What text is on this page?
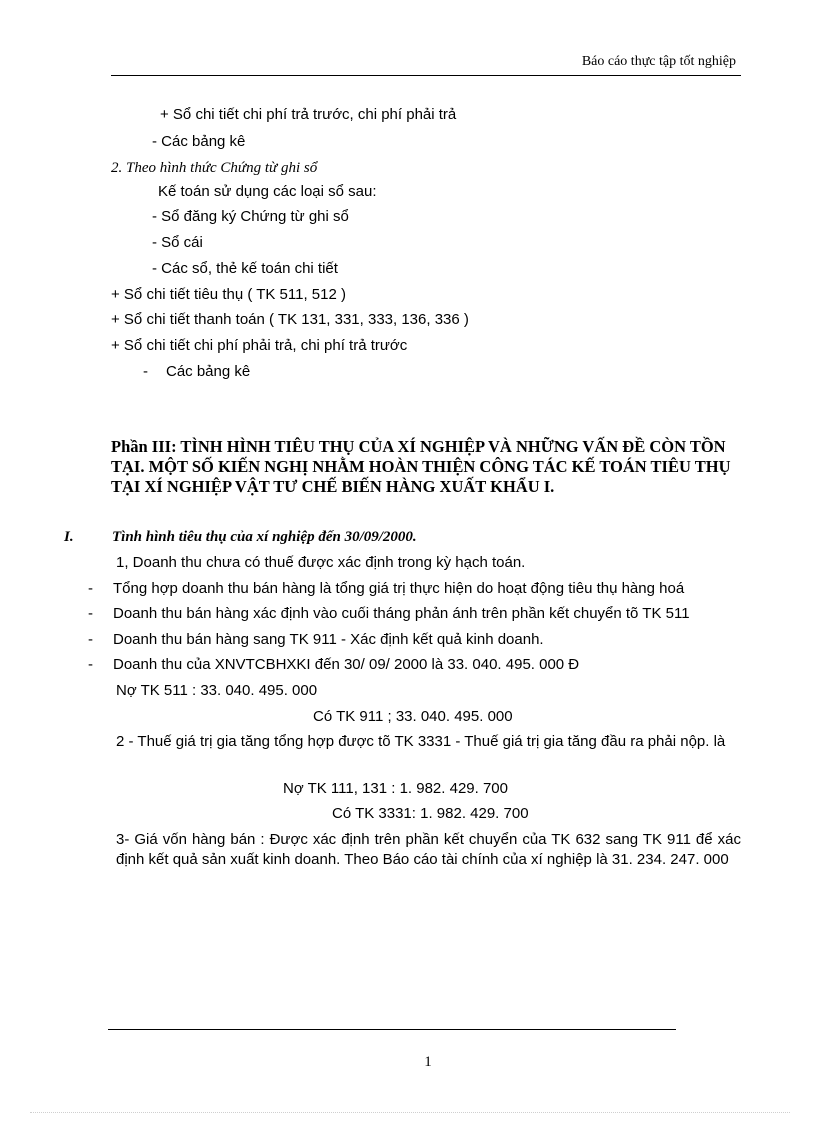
Báo cáo thực tập tốt nghiệp
+ Sổ chi tiết chi phí trả trước, chi phí phải trả
- Các bảng kê
2. Theo hình thức Chứng từ ghi sổ
Kế toán sử dụng các loại sổ sau:
- Sổ đăng ký Chứng từ ghi sổ
- Sổ cái
- Các sổ, thẻ kế toán chi tiết
+ Sổ chi tiết tiêu thụ ( TK 511, 512 )
+ Sổ chi tiết thanh toán ( TK 131, 331, 333, 136, 336 )
+ Sổ chi tiết chi phí phải trả, chi phí trả trước
- Các bảng kê
Phần III: TÌNH HÌNH TIÊU THỤ CỦA XÍ NGHIỆP VÀ NHỮNG VẤN ĐỀ CÒN TỒN TẠI. MỘT SỐ KIẾN NGHỊ NHẰM HOÀN THIỆN CÔNG TÁC KẾ TOÁN TIÊU THỤ TẠI XÍ NGHIỆP VẬT TƯ CHẾ BIẾN HÀNG XUẤT KHẨU I.
I.	Tình hình tiêu thụ của xí nghiệp đến 30/09/2000.
1, Doanh thu chưa có thuế được xác định trong kỳ hạch toán.
- Tổng hợp doanh thu bán hàng là tổng giá trị thực hiện do hoạt động tiêu thụ hàng hoá
- Doanh thu bán hàng xác định vào cuối tháng phản ánh trên phần kết chuyển tõ TK 511
- Doanh thu bán hàng sang TK 911 - Xác định kết quả kinh doanh.
- Doanh thu của XNVTCBHXKI đến 30/ 09/ 2000 là 33. 040. 495. 000 Đ
Nợ TK 511 : 33. 040. 495. 000
Có TK 911 ; 33. 040. 495. 000
2 - Thuế giá trị gia tăng tổng hợp được tõ TK 3331 - Thuế giá trị gia tăng đầu ra phải nộp. là
Nợ TK 111, 131 : 1. 982. 429. 700
Có TK 3331: 1. 982. 429. 700
3- Giá vốn hàng bán : Được xác định trên phần kết chuyển của TK 632 sang TK 911 để xác định kết quả sản xuất kinh doanh. Theo Báo cáo tài chính của xí nghiệp là 31. 234. 247. 000
1
